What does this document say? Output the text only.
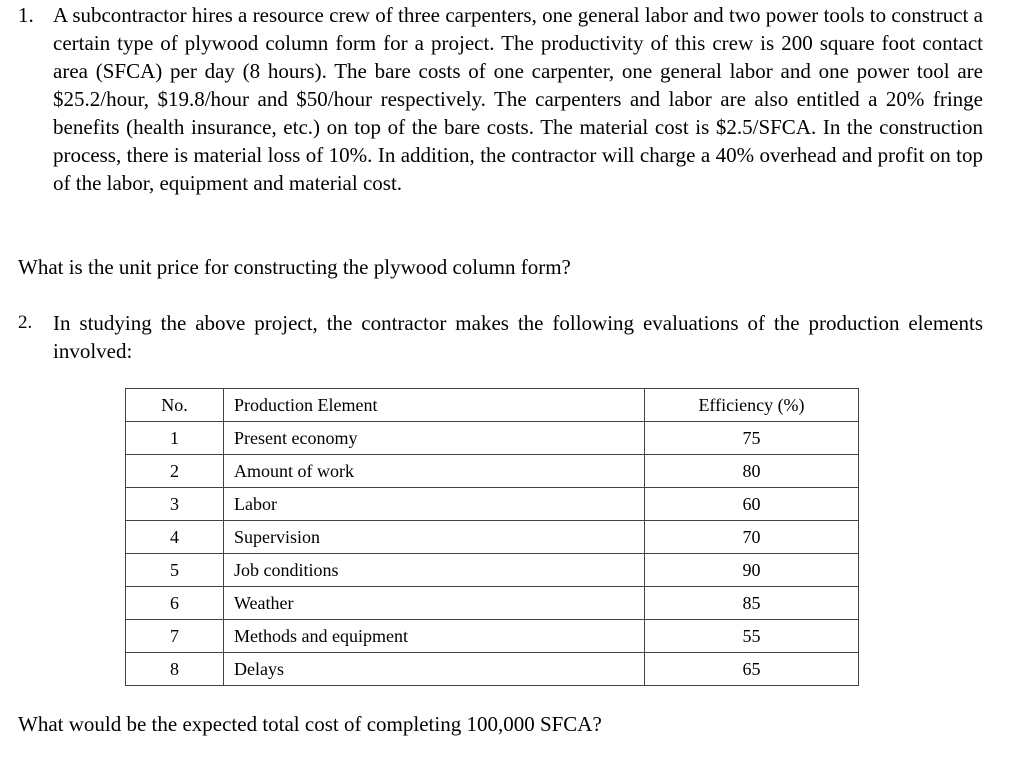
1. A subcontractor hires a resource crew of three carpenters, one general labor and two power tools to construct a certain type of plywood column form for a project. The productivity of this crew is 200 square foot contact area (SFCA) per day (8 hours). The bare costs of one carpenter, one general labor and one power tool are $25.2/hour, $19.8/hour and $50/hour respectively. The carpenters and labor are also entitled a 20% fringe benefits (health insurance, etc.) on top of the bare costs. The material cost is $2.5/SFCA. In the construction process, there is material loss of 10%. In addition, the contractor will charge a 40% overhead and profit on top of the labor, equipment and material cost.
What is the unit price for constructing the plywood column form?
2. In studying the above project, the contractor makes the following evaluations of the production elements involved:
No.	Production Element	Efficiency (%)
1	Present economy	75
2	Amount of work	80
3	Labor	60
4	Supervision	70
5	Job conditions	90
6	Weather	85
7	Methods and equipment	55
8	Delays	65
What would be the expected total cost of completing 100,000 SFCA?
